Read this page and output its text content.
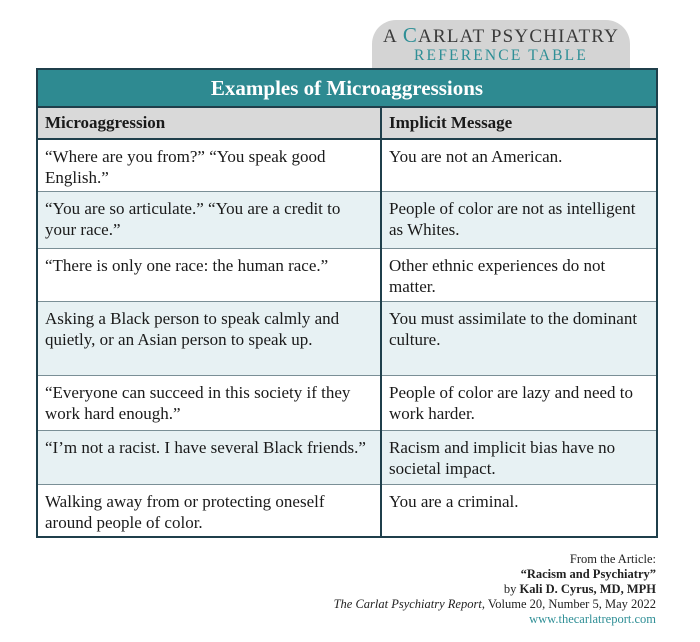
A CARLAT PSYCHIATRY
REFERENCE TABLE
Examples of Microaggressions
Microaggression	Implicit Message
“Where are you from?” “You speak good English.”	You are not an American.
“You are so articulate.” “You are a credit to your race.”	People of color are not as intelligent as Whites.
“There is only one race: the human race.”	Other ethnic experiences do not matter.
Asking a Black person to speak calmly and quietly, or an Asian person to speak up.	You must assimilate to the dominant culture.
“Everyone can succeed in this society if they work hard enough.”	People of color are lazy and need to work harder.
“I’m not a racist. I have several Black friends.”	Racism and implicit bias have no societal impact.
Walking away from or protecting oneself around people of color.	You are a criminal.
From the Article:
“Racism and Psychiatry”
by Kali D. Cyrus, MD, MPH
The Carlat Psychiatry Report, Volume 20, Number 5, May 2022
www.thecarlatreport.com
